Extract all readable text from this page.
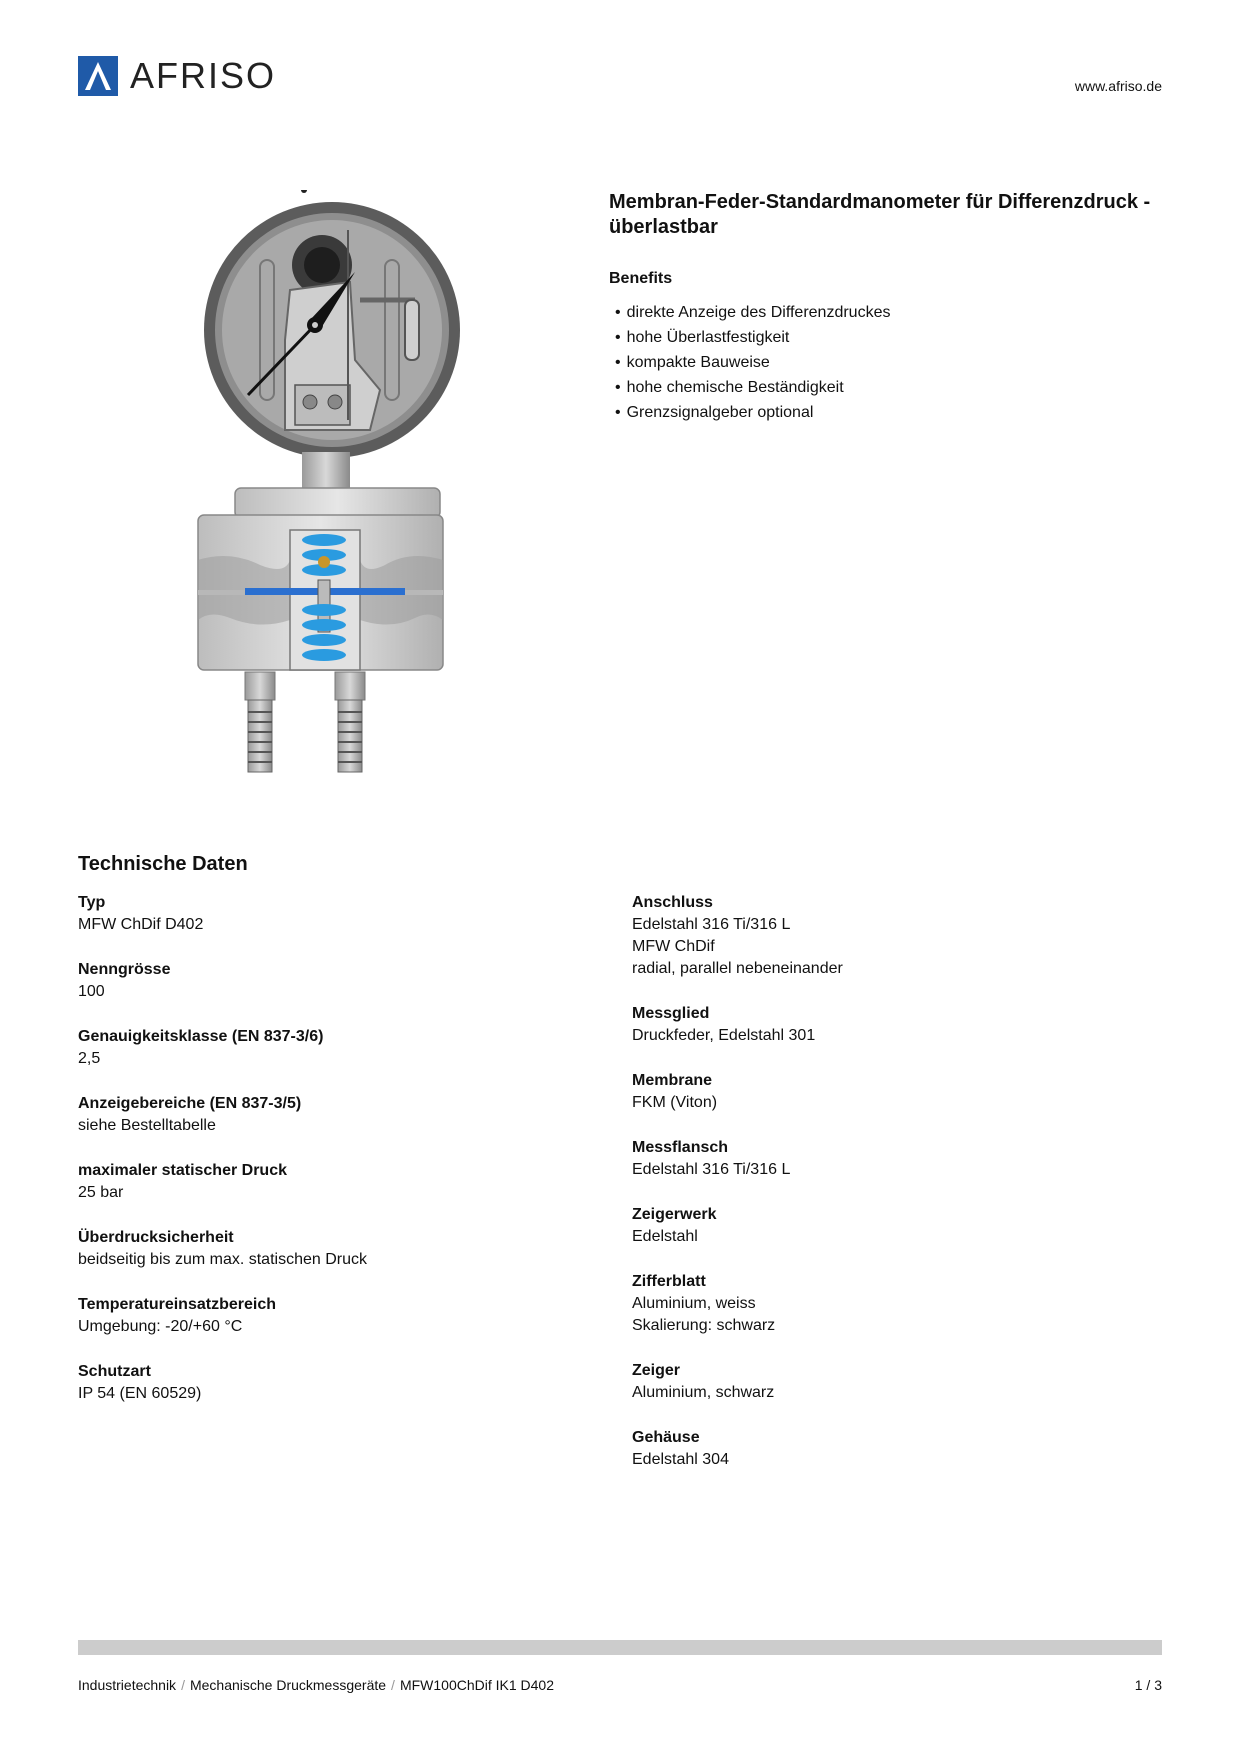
AFRISO	www.afriso.de
Membran-Feder-Standardmanometer für Differenzdruck - überlastbar
Benefits
• direkte Anzeige des Differenzdruckes
• hohe Überlastfestigkeit
• kompakte Bauweise
• hohe chemische Beständigkeit
• Grenzsignalgeber optional
Technische Daten
Typ
MFW ChDif D402
Nenngrösse
100
Genauigkeitsklasse (EN 837-3/6)
2,5
Anzeigebereiche (EN 837-3/5)
siehe Bestelltabelle
maximaler statischer Druck
25 bar
Überdrucksicherheit
beidseitig bis zum max. statischen Druck
Temperatureinsatzbereich
Umgebung: -20/+60 °C
Schutzart
IP 54 (EN 60529)
Anschluss
Edelstahl 316 Ti/316 L
MFW ChDif
radial, parallel nebeneinander
Messglied
Druckfeder, Edelstahl 301
Membrane
FKM (Viton)
Messflansch
Edelstahl 316 Ti/316 L
Zeigerwerk
Edelstahl
Zifferblatt
Aluminium, weiss
Skalierung: schwarz
Zeiger
Aluminium, schwarz
Gehäuse
Edelstahl 304
Industrietechnik / Mechanische Druckmessgeräte / MFW100ChDif IK1 D402	1 / 3
